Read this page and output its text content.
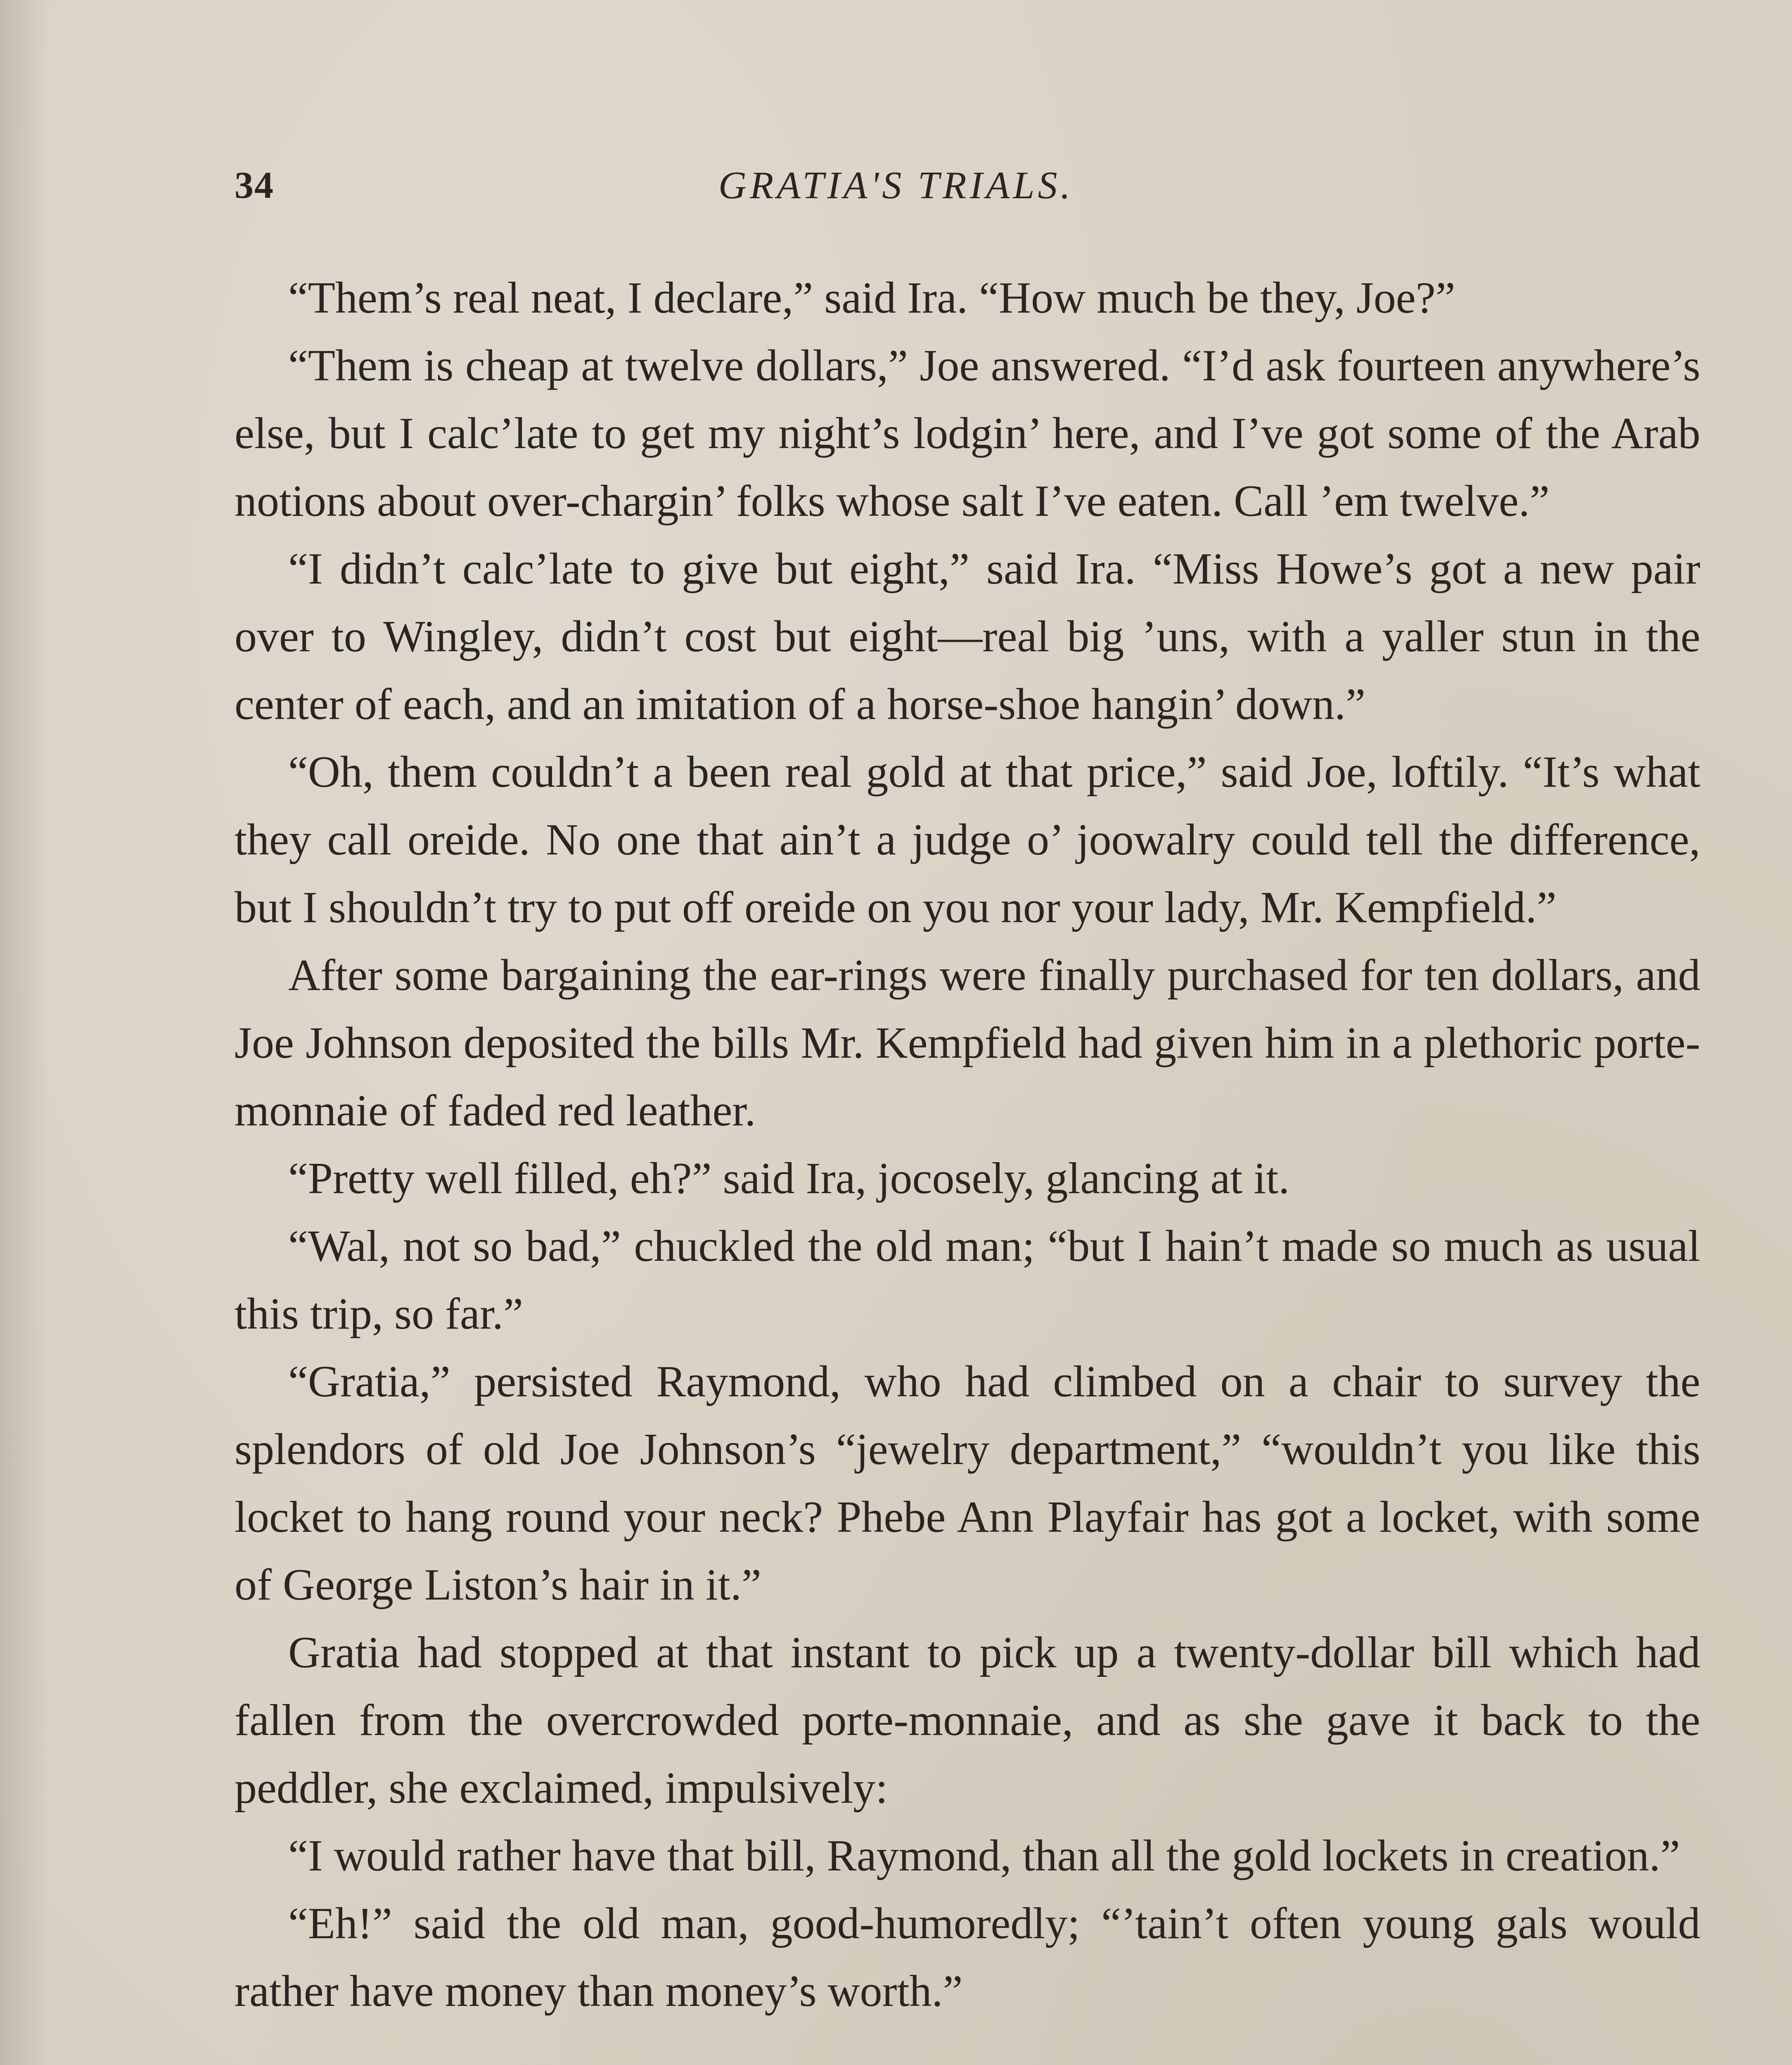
GRATIA'S TRIALS.
34

“Them’s real neat, I declare,” said Ira. “How much be they, Joe?”

“Them is cheap at twelve dollars,” Joe answered. “I’d ask fourteen anywhere’s else, but I calc’late to get my night’s lodgin’ here, and I’ve got some of the Arab notions about over-chargin’ folks whose salt I’ve eaten. Call ’em twelve.”

“I didn’t calc’late to give but eight,” said Ira. “Miss Howe’s got a new pair over to Wingley, didn’t cost but eight—real big ’uns, with a yaller stun in the center of each, and an imitation of a horse-shoe hangin’ down.”

“Oh, them couldn’t a been real gold at that price,” said Joe, loftily. “It’s what they call oreide. No one that ain’t a judge o’ joowalry could tell the difference, but I shouldn’t try to put off oreide on you nor your lady, Mr. Kempfield.”

After some bargaining the ear-rings were finally purchased for ten dollars, and Joe Johnson deposited the bills Mr. Kempfield had given him in a plethoric porte-monnaie of faded red leather.

“Pretty well filled, eh?” said Ira, jocosely, glancing at it.

“Wal, not so bad,” chuckled the old man; “but I hain’t made so much as usual this trip, so far.”

“Gratia,” persisted Raymond, who had climbed on a chair to survey the splendors of old Joe Johnson’s “jewelry department,” “wouldn’t you like this locket to hang round your neck? Phebe Ann Playfair has got a locket, with some of George Liston’s hair in it.”

Gratia had stopped at that instant to pick up a twenty-dollar bill which had fallen from the overcrowded porte-monnaie, and as she gave it back to the peddler, she exclaimed, impulsively:

“I would rather have that bill, Raymond, than all the gold lockets in creation.”

“Eh!” said the old man, good-humoredly; “’tain’t often young gals would rather have money than money’s worth.”
